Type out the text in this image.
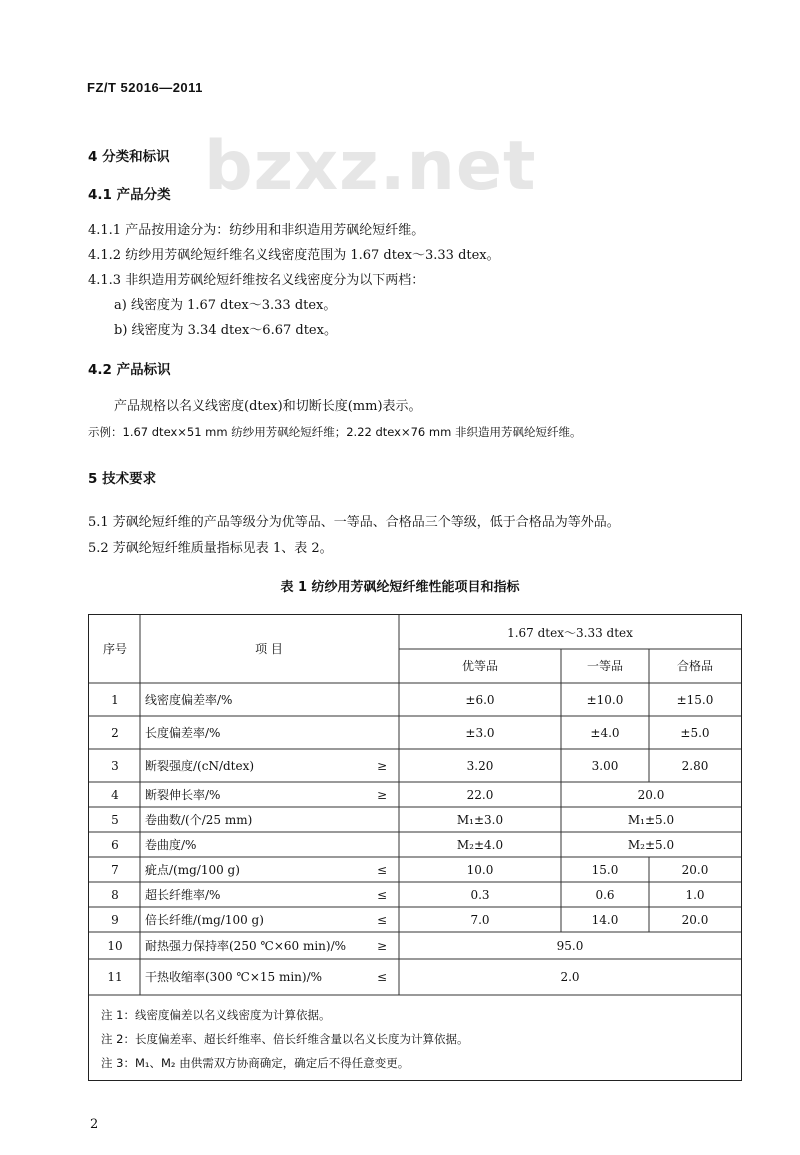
FZ/T 52016—2011
bzxz.net
4 分类和标识
4.1 产品分类
4.1.1 产品按用途分为：纺纱用和非织造用芳砜纶短纤维。
4.1.2 纺纱用芳砜纶短纤维名义线密度范围为 1.67 dtex～3.33 dtex。
4.1.3 非织造用芳砜纶短纤维按名义线密度分为以下两档：
a) 线密度为 1.67 dtex～3.33 dtex。
b) 线密度为 3.34 dtex～6.67 dtex。
4.2 产品标识
产品规格以名义线密度(dtex)和切断长度(mm)表示。
示例：1.67 dtex×51 mm 纺纱用芳砜纶短纤维；2.22 dtex×76 mm 非织造用芳砜纶短纤维。
5 技术要求
5.1 芳砜纶短纤维的产品等级分为优等品、一等品、合格品三个等级，低于合格品为等外品。
5.2 芳砜纶短纤维质量指标见表 1、表 2。
表 1 纺纱用芳砜纶短纤维性能项目和指标
序号	项 目
1.67 dtex～3.33 dtex
优等品	一等品	合格品
1 线密度偏差率/%	±6.0	±10.0	±15.0
2 长度偏差率/%	±3.0	±4.0	±5.0
3 断裂强度/(cN/dtex)	≥	3.20	3.00	2.80
4 断裂伸长率/%	≥	22.0	20.0
5 卷曲数/(个/25 mm)	M₁±3.0	M₁±5.0
6 卷曲度/%	M₂±4.0	M₂±5.0
7 疵点/(mg/100 g)	≤	10.0	15.0	20.0
8 超长纤维率/%	≤	0.3	0.6	1.0
9 倍长纤维/(mg/100 g)	≤	7.0	14.0	20.0
10 耐热强力保持率(250 ℃×60 min)/%	≥	95.0
11 干热收缩率(300 ℃×15 min)/%	≤	2.0
注 1：线密度偏差以名义线密度为计算依据。
注 2：长度偏差率、超长纤维率、倍长纤维含量以名义长度为计算依据。
注 3：M₁、M₂ 由供需双方协商确定，确定后不得任意变更。
2
